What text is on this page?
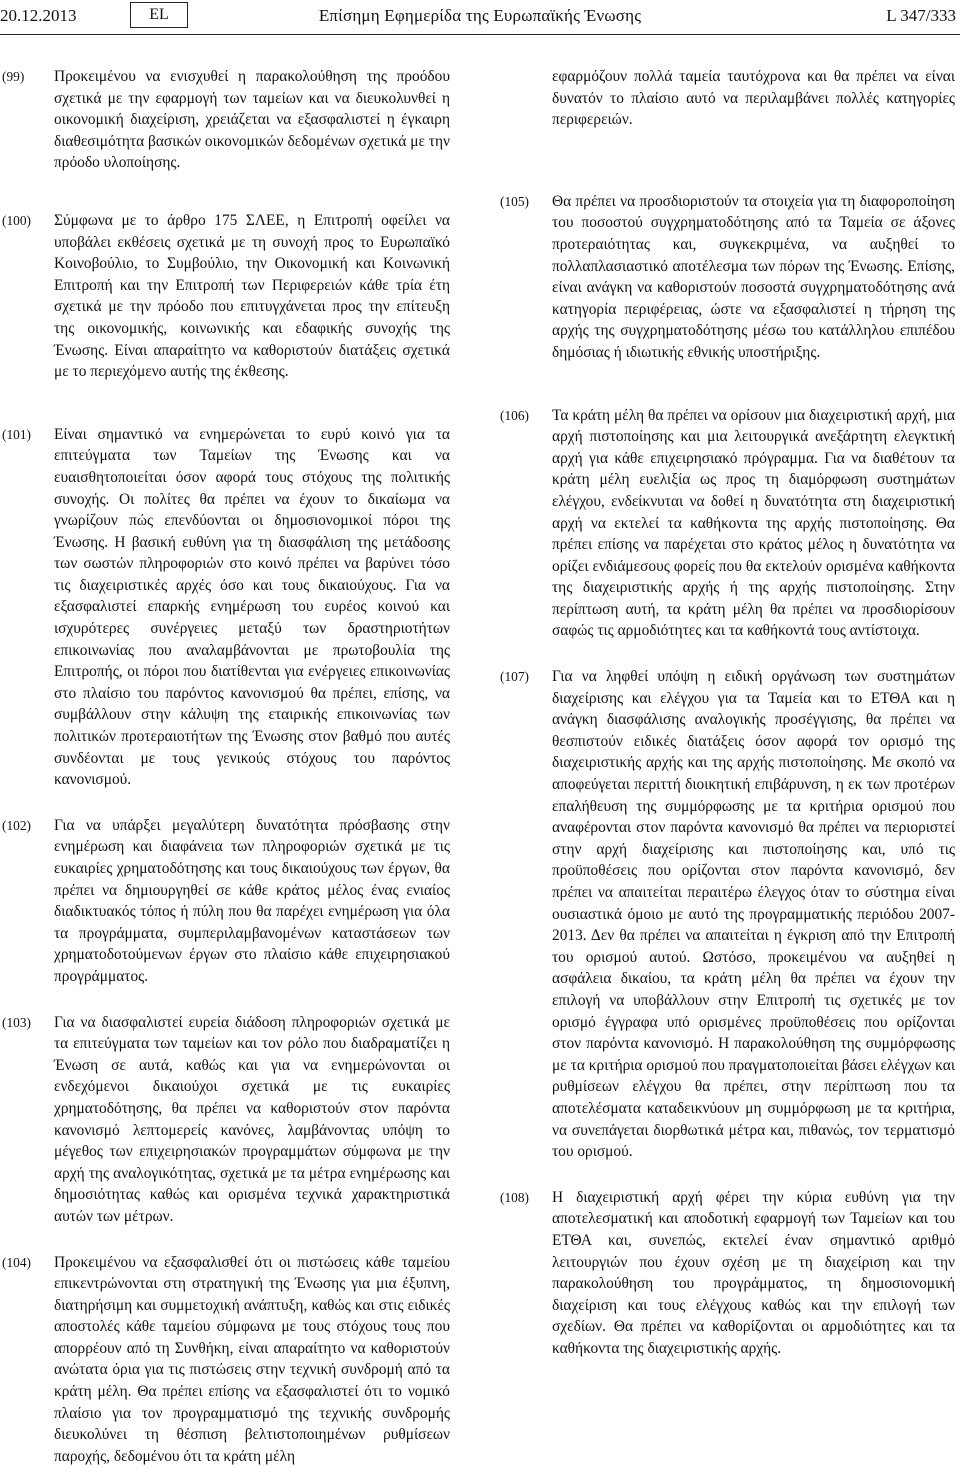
20.12.2013	EL	Επίσημη Εφημερίδα της Ευρωπαϊκής Ένωσης	L 347/333
(99)	Προκειμένου να ενισχυθεί η παρακολούθηση της προόδου σχετικά με την εφαρμογή των ταμείων και να διευκολυνθεί η οικονομική διαχείριση, χρειάζεται να εξασφαλιστεί η έγκαιρη διαθεσιμότητα βασικών οικονομικών δεδομένων σχετικά με την πρόοδο υλοποίησης.
(100)	Σύμφωνα με το άρθρο 175 ΣΛΕΕ, η Επιτροπή οφείλει να υποβάλει εκθέσεις σχετικά με τη συνοχή προς το Ευρωπαϊκό Κοινοβούλιο, το Συμβούλιο, την Οικονομική και Κοινωνική Επιτροπή και την Επιτροπή των Περιφερειών κάθε τρία έτη σχετικά με την πρόοδο που επιτυγχάνεται προς την επίτευξη της οικονομικής, κοινωνικής και εδαφικής συνοχής της Ένωσης. Είναι απαραίτητο να καθοριστούν διατάξεις σχετικά με το περιεχόμενο αυτής της έκθεσης.
(101)	Είναι σημαντικό να ενημερώνεται το ευρύ κοινό για τα επιτεύγματα των Ταμείων της Ένωσης και να ευαισθητοποιείται όσον αφορά τους στόχους της πολιτικής συνοχής. Οι πολίτες θα πρέπει να έχουν το δικαίωμα να γνωρίζουν πώς επενδύονται οι δημοσιονομικοί πόροι της Ένωσης. Η βασική ευθύνη για τη διασφάλιση της μετάδοσης των σωστών πληροφοριών στο κοινό πρέπει να βαρύνει τόσο τις διαχειριστικές αρχές όσο και τους δικαιούχους. Για να εξασφαλιστεί επαρκής ενημέρωση του ευρέος κοινού και ισχυρότερες συνέργειες μεταξύ των δραστηριοτήτων επικοινωνίας που αναλαμβάνονται με πρωτοβουλία της Επιτροπής, οι πόροι που διατίθενται για ενέργειες επικοινωνίας στο πλαίσιο του παρόντος κανονισμού θα πρέπει, επίσης, να συμβάλλουν στην κάλυψη της εταιρικής επικοινωνίας των πολιτικών προτεραιοτήτων της Ένωσης στον βαθμό που αυτές συνδέονται με τους γενικούς στόχους του παρόντος κανονισμού.
(102)	Για να υπάρξει μεγαλύτερη δυνατότητα πρόσβασης στην ενημέρωση και διαφάνεια των πληροφοριών σχετικά με τις ευκαιρίες χρηματοδότησης και τους δικαιούχους των έργων, θα πρέπει να δημιουργηθεί σε κάθε κράτος μέλος ένας ενιαίος διαδικτυακός τόπος ή πύλη που θα παρέχει ενημέρωση για όλα τα προγράμματα, συμπεριλαμβανομένων καταστάσεων των χρηματοδοτούμενων έργων στο πλαίσιο κάθε επιχειρησιακού προγράμματος.
(103)	Για να διασφαλιστεί ευρεία διάδοση πληροφοριών σχετικά με τα επιτεύγματα των ταμείων και τον ρόλο που διαδραματίζει η Ένωση σε αυτά, καθώς και για να ενημερώνονται οι ενδεχόμενοι δικαιούχοι σχετικά με τις ευκαιρίες χρηματοδότησης, θα πρέπει να καθοριστούν στον παρόντα κανονισμό λεπτομερείς κανόνες, λαμβάνοντας υπόψη το μέγεθος των επιχειρησιακών προγραμμάτων σύμφωνα με την αρχή της αναλογικότητας, σχετικά με τα μέτρα ενημέρωσης και δημοσιότητας καθώς και ορισμένα τεχνικά χαρακτηριστικά αυτών των μέτρων.
(104)	Προκειμένου να εξασφαλισθεί ότι οι πιστώσεις κάθε ταμείου επικεντρώνονται στη στρατηγική της Ένωσης για μια έξυπνη, διατηρήσιμη και συμμετοχική ανάπτυξη, καθώς και στις ειδικές αποστολές κάθε ταμείου σύμφωνα με τους στόχους τους που απορρέουν από τη Συνθήκη, είναι απαραίτητο να καθοριστούν ανώτατα όρια για τις πιστώσεις στην τεχνική συνδρομή από τα κράτη μέλη. Θα πρέπει επίσης να εξασφαλιστεί ότι το νομικό πλαίσιο για τον προγραμματισμό της τεχνικής συνδρομής διευκολύνει τη θέσπιση βελτιστοποιημένων ρυθμίσεων παροχής, δεδομένου ότι τα κράτη μέλη
εφαρμόζουν πολλά ταμεία ταυτόχρονα και θα πρέπει να είναι δυνατόν το πλαίσιο αυτό να περιλαμβάνει πολλές κατηγορίες περιφερειών.
(105)	Θα πρέπει να προσδιοριστούν τα στοιχεία για τη διαφοροποίηση του ποσοστού συγχρηματοδότησης από τα Ταμεία σε άξονες προτεραιότητας και, συγκεκριμένα, να αυξηθεί το πολλαπλασιαστικό αποτέλεσμα των πόρων της Ένωσης. Επίσης, είναι ανάγκη να καθοριστούν ποσοστά συγχρηματοδότησης ανά κατηγορία περιφέρειας, ώστε να εξασφαλιστεί η τήρηση της αρχής της συγχρηματοδότησης μέσω του κατάλληλου επιπέδου δημόσιας ή ιδιωτικής εθνικής υποστήριξης.
(106)	Τα κράτη μέλη θα πρέπει να ορίσουν μια διαχειριστική αρχή, μια αρχή πιστοποίησης και μια λειτουργικά ανεξάρτητη ελεγκτική αρχή για κάθε επιχειρησιακό πρόγραμμα. Για να διαθέτουν τα κράτη μέλη ευελιξία ως προς τη διαμόρφωση συστημάτων ελέγχου, ενδείκνυται να δοθεί η δυνατότητα στη διαχειριστική αρχή να εκτελεί τα καθήκοντα της αρχής πιστοποίησης. Θα πρέπει επίσης να παρέχεται στο κράτος μέλος η δυνατότητα να ορίζει ενδιάμεσους φορείς που θα εκτελούν ορισμένα καθήκοντα της διαχειριστικής αρχής ή της αρχής πιστοποίησης. Στην περίπτωση αυτή, τα κράτη μέλη θα πρέπει να προσδιορίσουν σαφώς τις αρμοδιότητες και τα καθήκοντά τους αντίστοιχα.
(107)	Για να ληφθεί υπόψη η ειδική οργάνωση των συστημάτων διαχείρισης και ελέγχου για τα Ταμεία και το ΕΤΘΑ και η ανάγκη διασφάλισης αναλογικής προσέγγισης, θα πρέπει να θεσπιστούν ειδικές διατάξεις όσον αφορά τον ορισμό της διαχειριστικής αρχής και της αρχής πιστοποίησης. Με σκοπό να αποφεύγεται περιττή διοικητική επιβάρυνση, η εκ των προτέρων επαλήθευση της συμμόρφωσης με τα κριτήρια ορισμού που αναφέρονται στον παρόντα κανονισμό θα πρέπει να περιοριστεί στην αρχή διαχείρισης και πιστοποίησης και, υπό τις προϋποθέσεις που ορίζονται στον παρόντα κανονισμό, δεν πρέπει να απαιτείται περαιτέρω έλεγχος όταν το σύστημα είναι ουσιαστικά όμοιο με αυτό της προγραμματικής περιόδου 2007-2013. Δεν θα πρέπει να απαιτείται η έγκριση από την Επιτροπή του ορισμού αυτού. Ωστόσο, προκειμένου να αυξηθεί η ασφάλεια δικαίου, τα κράτη μέλη θα πρέπει να έχουν την επιλογή να υποβάλλουν στην Επιτροπή τις σχετικές με τον ορισμό έγγραφα υπό ορισμένες προϋποθέσεις που ορίζονται στον παρόντα κανονισμό. Η παρακολούθηση της συμμόρφωσης με τα κριτήρια ορισμού που πραγματοποιείται βάσει ελέγχων και ρυθμίσεων ελέγχου θα πρέπει, στην περίπτωση που τα αποτελέσματα καταδεικνύουν μη συμμόρφωση με τα κριτήρια, να συνεπάγεται διορθωτικά μέτρα και, πιθανώς, τον τερματισμό του ορισμού.
(108)	Η διαχειριστική αρχή φέρει την κύρια ευθύνη για την αποτελεσματική και αποδοτική εφαρμογή των Ταμείων και του ΕΤΘΑ και, συνεπώς, εκτελεί έναν σημαντικό αριθμό λειτουργιών που έχουν σχέση με τη διαχείριση και την παρακολούθηση του προγράμματος, τη δημοσιονομική διαχείριση και τους ελέγχους καθώς και την επιλογή των σχεδίων. Θα πρέπει να καθορίζονται οι αρμοδιότητες και τα καθήκοντα της διαχειριστικής αρχής.
